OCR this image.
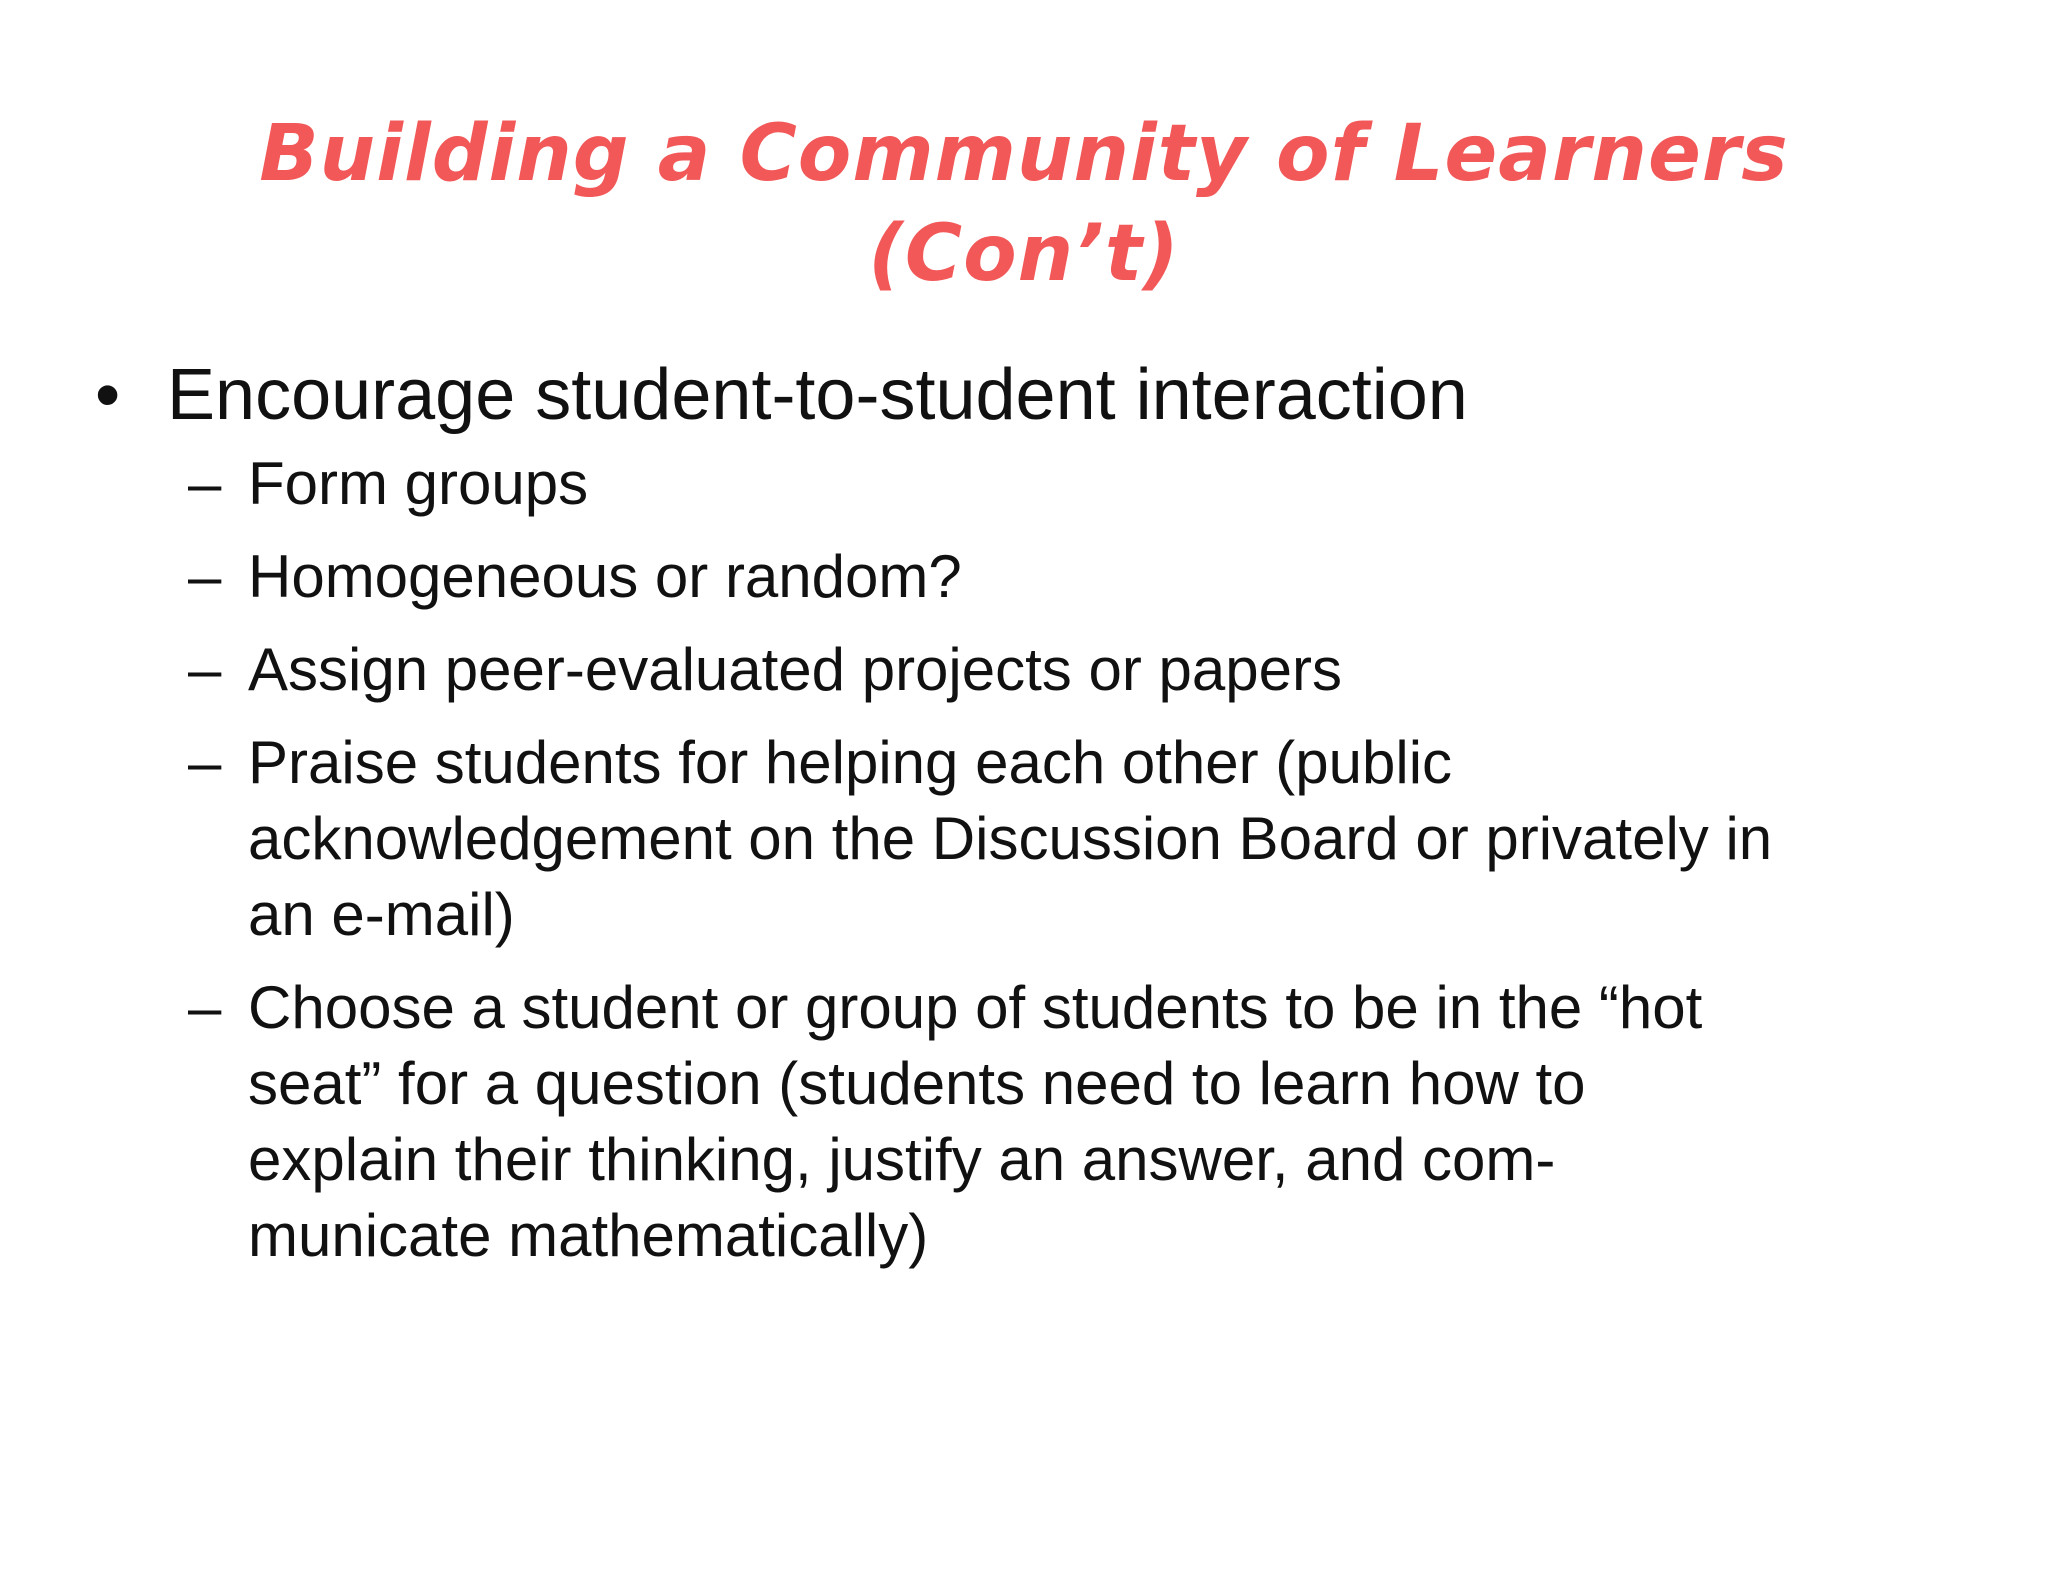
Building a Community of Learners
(Con’t)
• Encourage student-to-student interaction
– Form groups
– Homogeneous or random?
– Assign peer-evaluated projects or papers
– Praise students for helping each other (public
acknowledgement on the Discussion Board or privately in
an e-mail)
– Choose a student or group of students to be in the “hot
seat” for a question (students need to learn how to
explain their thinking, justify an answer, and com-
municate mathematically)
